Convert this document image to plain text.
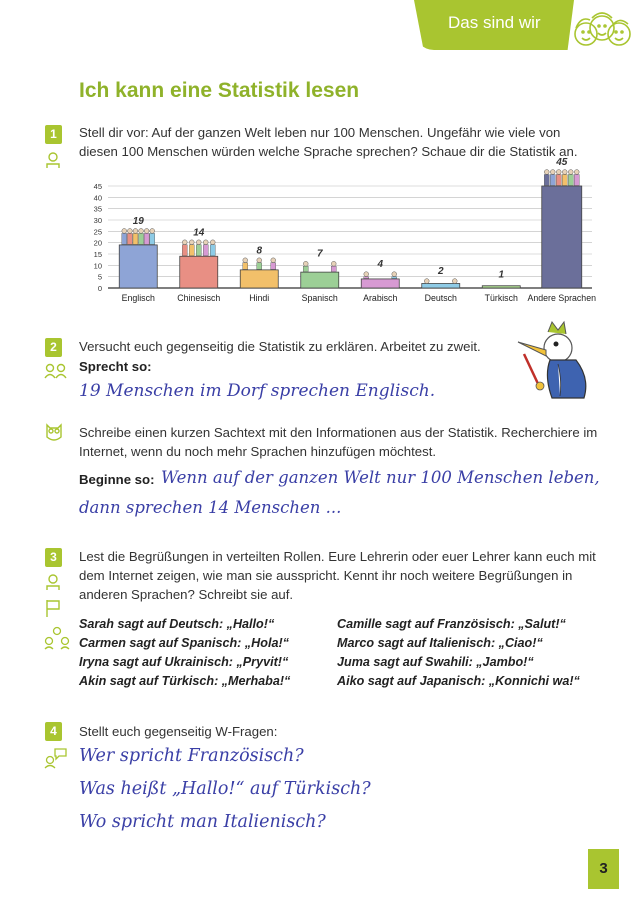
Das sind wir
Ich kann eine Statistik lesen
1	Stell dir vor: Auf der ganzen Welt leben nur 100 Menschen. Ungefähr wie viele von
diesen 100 Menschen würden welche Sprache sprechen? Schaue dir die Statistik an.
0
5
10
15
20
25
30
35
40
45
19
Englisch
14
Chinesisch
8
Hindi
7
Spanisch
4
Arabisch
2
Deutsch
1
Türkisch
45
Andere Sprachen
2	Versucht euch gegenseitig die Statistik zu erklären. Arbeitet zu zweit.
Sprecht so:
19 Menschen im Dorf sprechen Englisch.
Schreibe einen kurzen Sachtext mit den Informationen aus der Statistik. Recherchiere im
Internet, wenn du noch mehr Sprachen hinzufügen möchtest.
Beginne so: Wenn auf der ganzen Welt nur 100 Menschen leben,
dann sprechen 14 Menschen ...
3	Lest die Begrüßungen in verteilten Rollen. Eure Lehrerin oder euer Lehrer kann euch mit
dem Internet zeigen, wie man sie ausspricht. Kennt ihr noch weitere Begrüßungen in
anderen Sprachen? Schreibt sie auf.
Sarah sagt auf Deutsch: „Hallo!“
Carmen sagt auf Spanisch: „Hola!“
Iryna sagt auf Ukrainisch: „Pryvit!“
Akin sagt auf Türkisch: „Merhaba!“
Camille sagt auf Französisch: „Salut!“
Marco sagt auf Italienisch: „Ciao!“
Juma sagt auf Swahili: „Jambo!“
Aiko sagt auf Japanisch: „Konnichi wa!“
4	Stellt euch gegenseitig W-Fragen:
Wer spricht Französisch?
Was heißt „Hallo!“ auf Türkisch?
Wo spricht man Italienisch?
3
